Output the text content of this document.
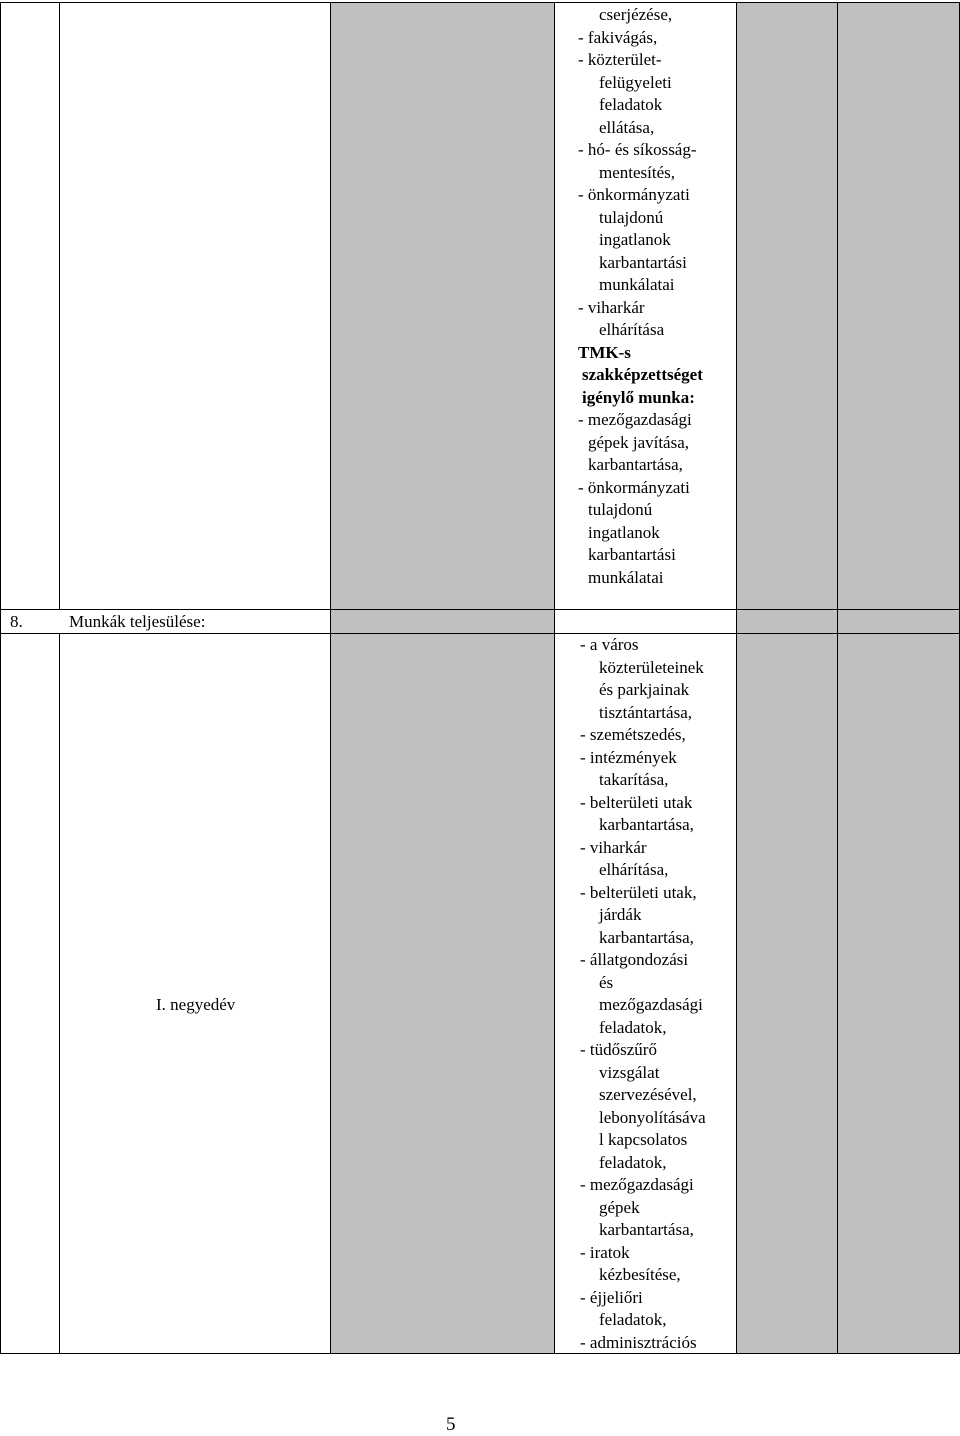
cserjézése,
- fakivágás,
- közterület-
felügyeleti
feladatok
ellátása,
- hó- és síkosság-
mentesítés,
- önkormányzati
tulajdonú
ingatlanok
karbantartási
munkálatai
- viharkár
elhárítása
TMK-s
szakképzettséget
igénylő munka:
- mezőgazdasági
gépek javítása,
karbantartása,
- önkormányzati
tulajdonú
ingatlanok
karbantartási
munkálatai
8.	Munkák teljesülése:
I. negyedév
- a város
közterületeinek
és parkjainak
tisztántartása,
- szemétszedés,
- intézmények
takarítása,
- belterületi utak
karbantartása,
- viharkár
elhárítása,
- belterületi utak,
járdák
karbantartása,
- állatgondozási
és
mezőgazdasági
feladatok,
- tüdőszűrő
vizsgálat
szervezésével,
lebonyolításáva
l kapcsolatos
feladatok,
- mezőgazdasági
gépek
karbantartása,
- iratok
kézbesítése,
- éjjeliőri
feladatok,
- adminisztrációs
5
